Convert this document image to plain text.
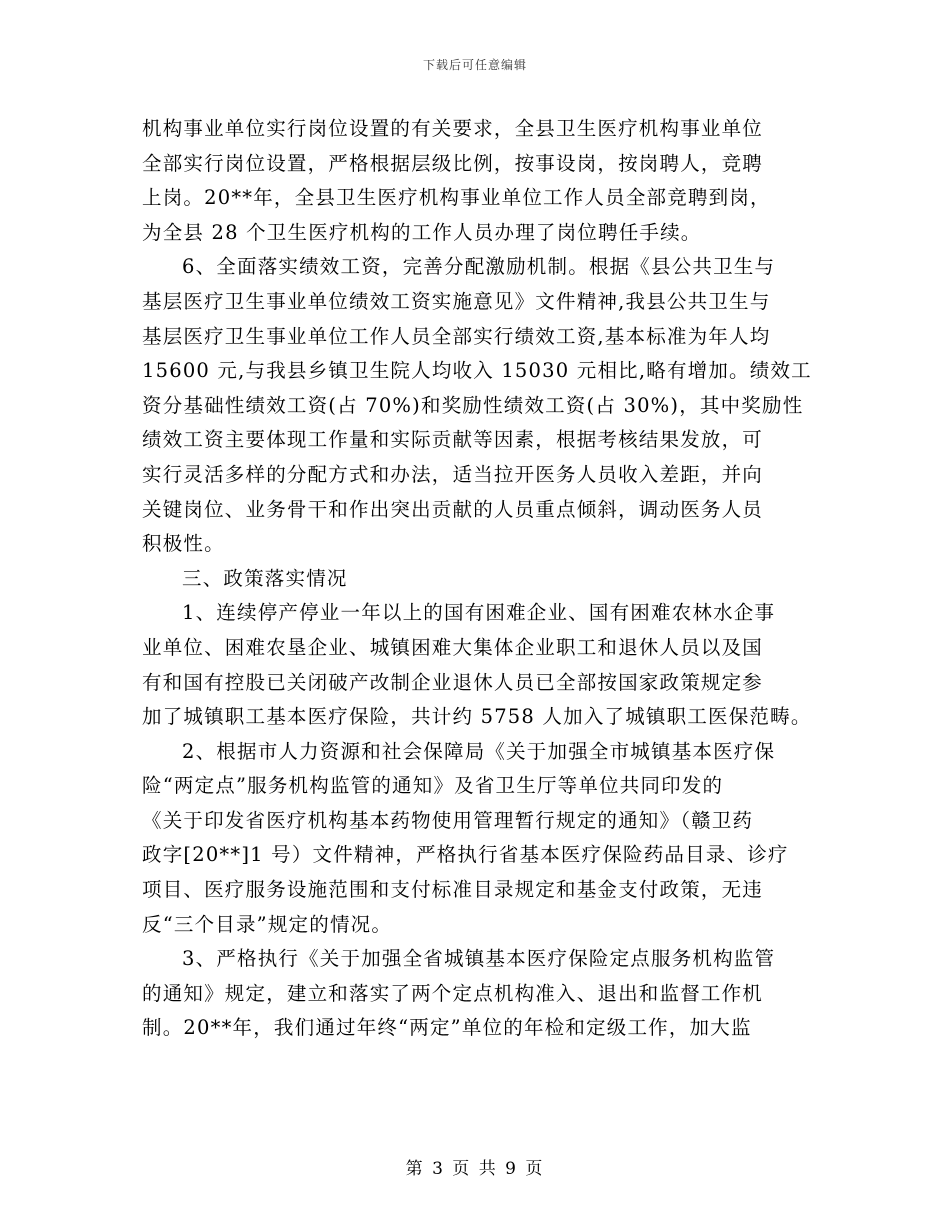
下载后可任意编辑
机构事业单位实行岗位设置的有关要求，全县卫生医疗机构事业单位
全部实行岗位设置，严格根据层级比例，按事设岗，按岗聘人，竞聘
上岗。20**年，全县卫生医疗机构事业单位工作人员全部竞聘到岗，
为全县 28 个卫生医疗机构的工作人员办理了岗位聘任手续。
6、全面落实绩效工资，完善分配激励机制。根据《县公共卫生与
基层医疗卫生事业单位绩效工资实施意见》文件精神,我县公共卫生与
基层医疗卫生事业单位工作人员全部实行绩效工资,基本标准为年人均
15600 元,与我县乡镇卫生院人均收入 15030 元相比,略有增加。绩效工
资分基础性绩效工资(占 70%)和奖励性绩效工资(占 30%)，其中奖励性
绩效工资主要体现工作量和实际贡献等因素，根据考核结果发放，可
实行灵活多样的分配方式和办法，适当拉开医务人员收入差距，并向
关键岗位、业务骨干和作出突出贡献的人员重点倾斜，调动医务人员
积极性。
三、政策落实情况
1、连续停产停业一年以上的国有困难企业、国有困难农林水企事
业单位、困难农垦企业、城镇困难大集体企业职工和退休人员以及国
有和国有控股已关闭破产改制企业退休人员已全部按国家政策规定参
加了城镇职工基本医疗保险，共计约 5758 人加入了城镇职工医保范畴。
2、根据市人力资源和社会保障局《关于加强全市城镇基本医疗保
险“两定点”服务机构监管的通知》及省卫生厅等单位共同印发的
《关于印发省医疗机构基本药物使用管理暂行规定的通知》（赣卫药
政字[20**]1 号）文件精神，严格执行省基本医疗保险药品目录、诊疗
项目、医疗服务设施范围和支付标准目录规定和基金支付政策，无违
反“三个目录”规定的情况。
3、严格执行《关于加强全省城镇基本医疗保险定点服务机构监管
的通知》规定，建立和落实了两个定点机构准入、退出和监督工作机
制。20**年，我们通过年终“两定”单位的年检和定级工作，加大监
第 3 页 共 9 页
